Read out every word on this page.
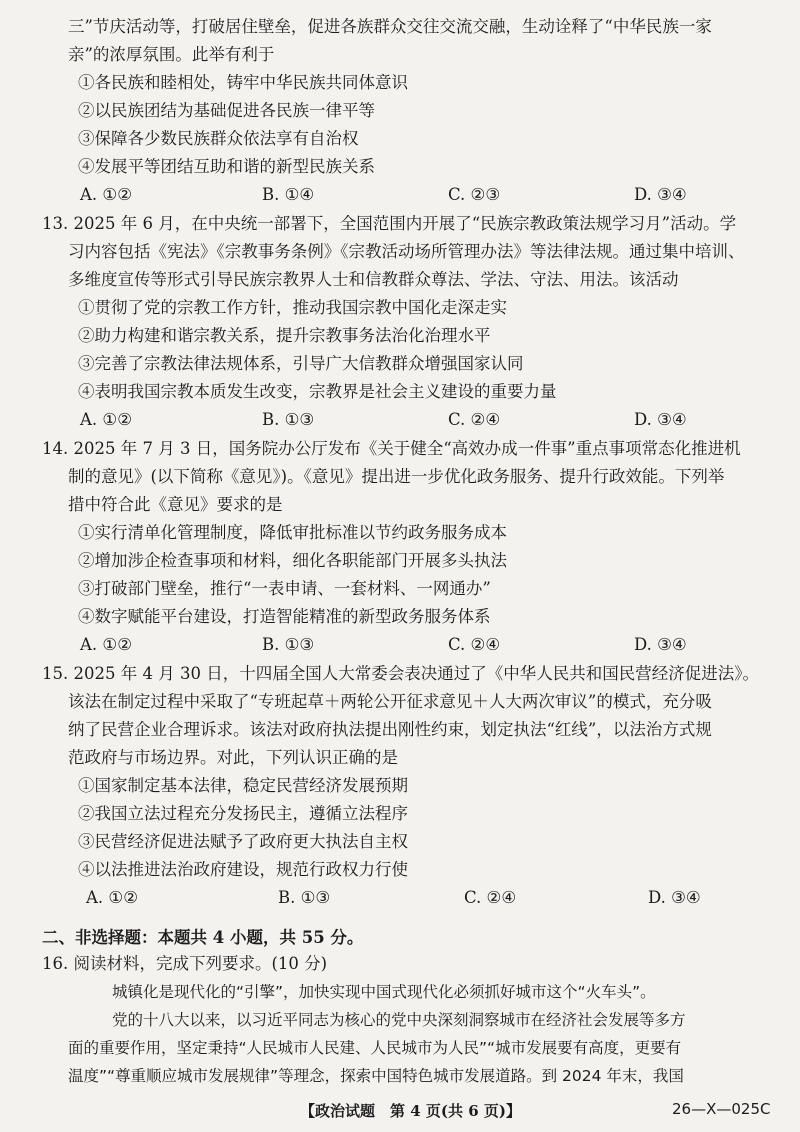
三”节庆活动等，打破居住壁垒，促进各族群众交往交流交融，生动诠释了“中华民族一家
亲”的浓厚氛围。此举有利于
①各民族和睦相处，铸牢中华民族共同体意识
②以民族团结为基础促进各民族一律平等
③保障各少数民族群众依法享有自治权
④发展平等团结互助和谐的新型民族关系
A. ①②	B. ①④	C. ②③	D. ③④
13. 2025 年 6 月，在中央统一部署下，全国范围内开展了“民族宗教政策法规学习月”活动。学
习内容包括《宪法》《宗教事务条例》《宗教活动场所管理办法》等法律法规。通过集中培训、
多维度宣传等形式引导民族宗教界人士和信教群众尊法、学法、守法、用法。该活动
①贯彻了党的宗教工作方针，推动我国宗教中国化走深走实
②助力构建和谐宗教关系，提升宗教事务法治化治理水平
③完善了宗教法律法规体系，引导广大信教群众增强国家认同
④表明我国宗教本质发生改变，宗教界是社会主义建设的重要力量
A. ①②	B. ①③	C. ②④	D. ③④
14. 2025 年 7 月 3 日，国务院办公厅发布《关于健全“高效办成一件事”重点事项常态化推进机
制的意见》(以下简称《意见》)。《意见》提出进一步优化政务服务、提升行政效能。下列举
措中符合此《意见》要求的是
①实行清单化管理制度，降低审批标准以节约政务服务成本
②增加涉企检查事项和材料，细化各职能部门开展多头执法
③打破部门壁垒，推行“一表申请、一套材料、一网通办”
④数字赋能平台建设，打造智能精准的新型政务服务体系
A. ①②	B. ①③	C. ②④	D. ③④
15. 2025 年 4 月 30 日，十四届全国人大常委会表决通过了《中华人民共和国民营经济促进法》。
该法在制定过程中采取了“专班起草＋两轮公开征求意见＋人大两次审议”的模式，充分吸
纳了民营企业合理诉求。该法对政府执法提出刚性约束，划定执法“红线”，以法治方式规
范政府与市场边界。对此，下列认识正确的是
①国家制定基本法律，稳定民营经济发展预期
②我国立法过程充分发扬民主，遵循立法程序
③民营经济促进法赋予了政府更大执法自主权
④以法推进法治政府建设，规范行政权力行使
A. ①②	B. ①③	C. ②④	D. ③④
二、非选择题：本题共 4 小题，共 55 分。
16. 阅读材料，完成下列要求。(10 分)
城镇化是现代化的“引擎”，加快实现中国式现代化必须抓好城市这个“火车头”。
党的十八大以来，以习近平同志为核心的党中央深刻洞察城市在经济社会发展等多方
面的重要作用，坚定秉持“人民城市人民建、人民城市为人民”“城市发展要有高度，更要有
温度”“尊重顺应城市发展规律”等理念，探索中国特色城市发展道路。到 2024 年末，我国
【政治试题　第 4 页(共 6 页)】	26—X—025C
